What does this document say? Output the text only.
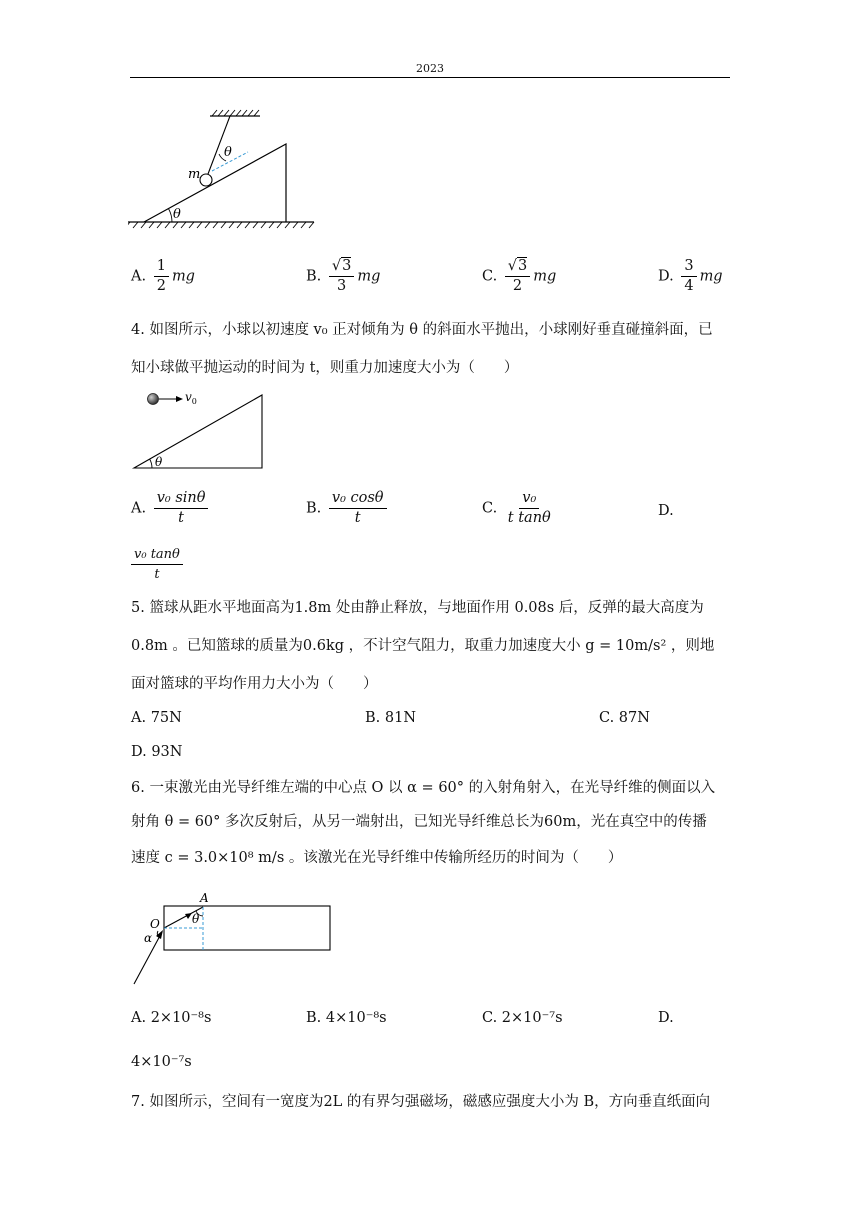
2023
θ
m
θ
A. $\frac{1}{2}$ mg	B. $\frac{√3}{3}$ mg	C. $\frac{√3}{2}$ mg	D. $\frac{3}{4}$ mg
4. 如图所示，小球以初速度 v₀ 正对倾角为 θ 的斜面水平抛出，小球刚好垂直碰撞斜面，已
知小球做平抛运动的时间为 t，则重力加速度大小为（　　）
$v_0$
θ
A. $\frac{\text{v₀ sinθ}}{t}$	B. $\frac{\text{v₀ cosθ}}{t}$	C. $\frac{\text{v₀}}{\text{t tanθ}}$	D.
$\frac{\text{v₀ tanθ}}{t}$
5. 篮球从距水平地面高为1.8m 处由静止释放，与地面作用 0.08s 后，反弹的最大高度为
0.8m 。已知篮球的质量为0.6kg ，不计空气阻力，取重力加速度大小 g = 10m/s² ，则地
面对篮球的平均作用力大小为（　　）
A. 75N	B. 81N	C. 87N
D. 93N
6. 一束激光由光导纤维左端的中心点 O 以 α = 60° 的入射角射入，在光导纤维的侧面以入
射角 θ = 60° 多次反射后，从另一端射出，已知光导纤维总长为60m，光在真空中的传播
速度 c = 3.0×10⁸ m/s 。该激光在光导纤维中传输所经历的时间为（　　）
A
O
α
θ
A. 2×10⁻⁸s	B. 4×10⁻⁸s	C. 2×10⁻⁷s	D.
4×10⁻⁷s
7. 如图所示，空间有一宽度为2L 的有界匀强磁场，磁感应强度大小为 B，方向垂直纸面向
